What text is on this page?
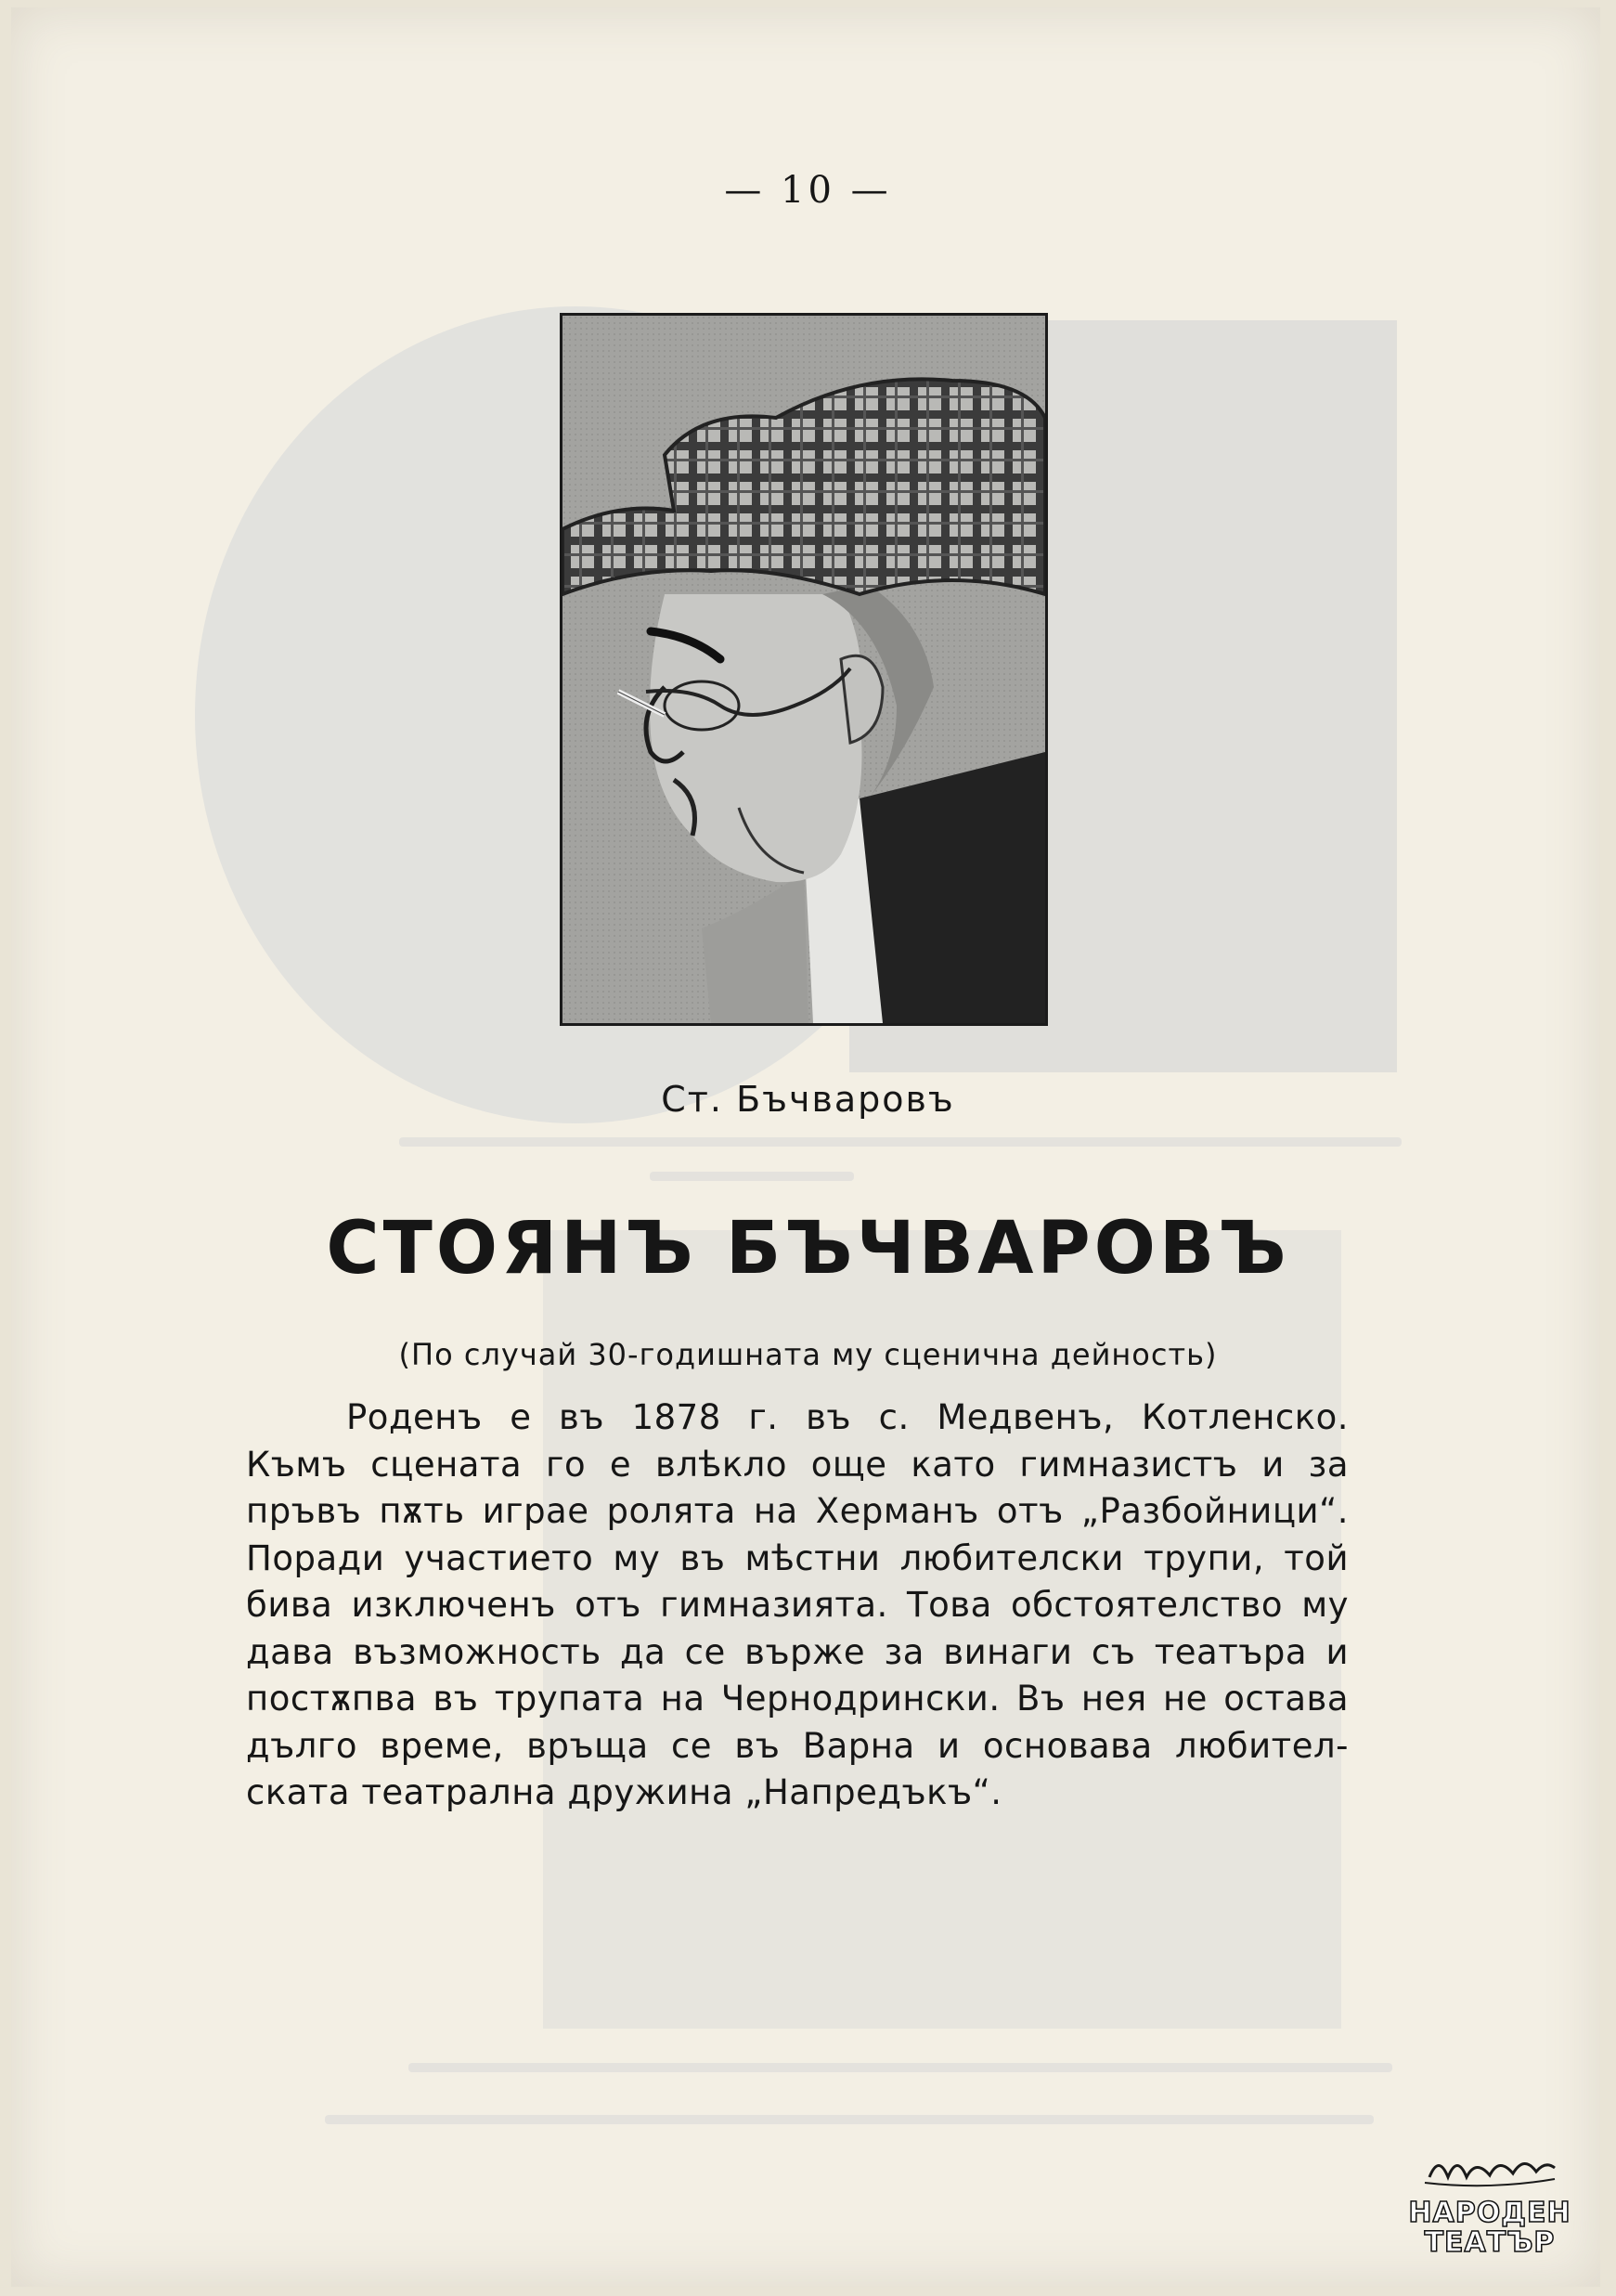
— 10 —
Ст. Бъчваровъ
СТОЯНЪ БЪЧВАРОВЪ
(По случай 30-годишната му сценична дейность)
Роденъ е въ 1878 г. въ с. Медвенъ, Котленско.
Къмъ сцената го е влѣкло още като гимназистъ и за
пръвъ пѫть играе ролята на Херманъ отъ „Разбойници“.
Поради участието му въ мѣстни любителски трупи, той
бива изключенъ отъ гимназията. Това обстоятелство му
дава възможность да се върже за винаги съ театъра и
постѫпва въ трупата на Чернодрински. Въ нея не остава
дълго време, връща се въ Варна и основава любител-
ската театрална дружина „Напредъкъ“.
НАРОДЕН
ТЕАТЪР
